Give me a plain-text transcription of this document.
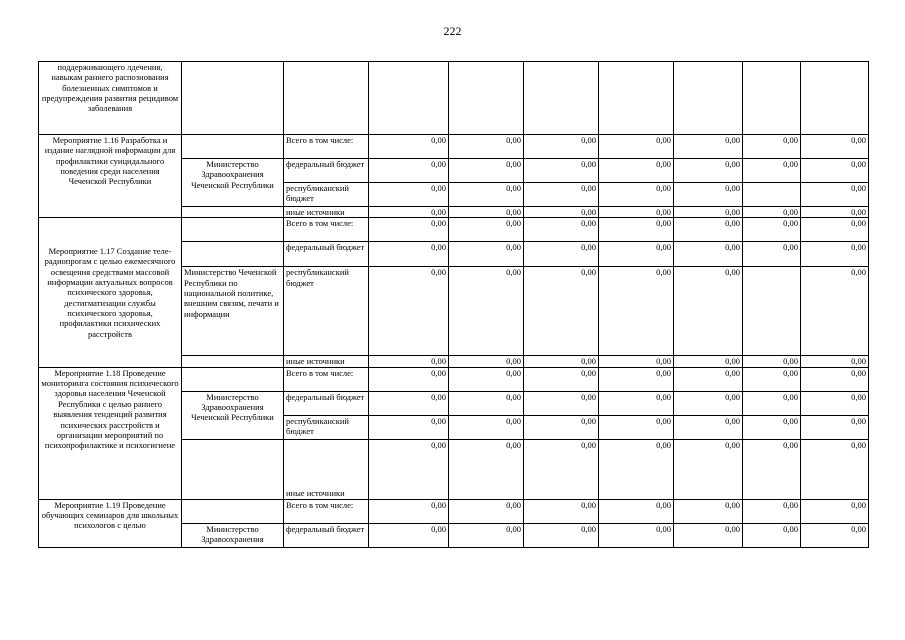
222
поддерживающего лдечения, навыкам раннего распознования болезненных симптомов и предупреждения развития рецидивом заболевания									
Мероприятие 1.16 Разработка и издание наглядной информации для профилактики суицидального поведения среди населения Чеченской Республики		Всего в том числе:	0,00	0,00	0,00	0,00	0,00	0,00	0,00
	Министерство Здравоохранения Чеченской Республики	федеральный бюджет	0,00	0,00	0,00	0,00	0,00	0,00	0,00
		республиканский бюджет	0,00	0,00	0,00	0,00	0,00		0,00
		иные источники	0,00	0,00	0,00	0,00	0,00	0,00	0,00
Мероприятие 1.17 Создание теле-радиопрогам с целью ежемесячного освещения средствами массовой информации актуальных вопросов психического здоровья, дестигматизации службы психического здоровья, профилактики психических расстройств		Всего в том числе:	0,00	0,00	0,00	0,00	0,00	0,00	0,00
		федеральный бюджет	0,00	0,00	0,00	0,00	0,00	0,00	0,00
	Министерство Чеченской Республики по национальной политике, внешним связям, печати и информации	республиканский бюджет	0,00	0,00	0,00	0,00	0,00		0,00
		иные источники	0,00	0,00	0,00	0,00	0,00	0,00	0,00
Мероприятие 1.18 Проведение мониторинга состояния психического здоровья населения Чеченской Республики с целью раннего выявления тенденций развития психических расстройств и организации мероприятий по психопрофилактике и психогигиене		Всего в том числе:	0,00	0,00	0,00	0,00	0,00	0,00	0,00
	Министерство Здравоохранения Чеченской Республики	федеральный бюджет	0,00	0,00	0,00	0,00	0,00	0,00	0,00
		республиканский бюджет	0,00	0,00	0,00	0,00	0,00	0,00	0,00
		иные источники	0,00	0,00	0,00	0,00	0,00	0,00	0,00
Мероприятие 1.19 Проведение обучающих семинаров для школьных психологов с целью		Всего в том числе:	0,00	0,00	0,00	0,00	0,00	0,00	0,00
	Министерство Здравоохранения	федеральный бюджет	0,00	0,00	0,00	0,00	0,00	0,00	0,00
